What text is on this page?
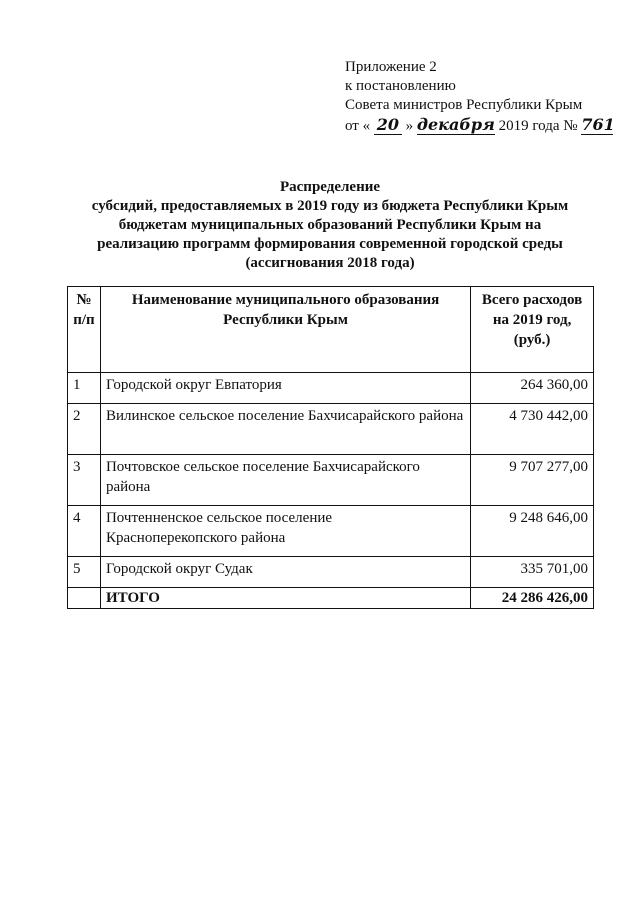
Приложение 2
к постановлению
Совета министров Республики Крым
от « 20 » декабря 2019 года № 761
Распределение
субсидий, предоставляемых в 2019 году из бюджета Республики Крым
бюджетам муниципальных образований Республики Крым на
реализацию программ формирования современной городской среды
(ассигнования 2018 года)
№ п/п	Наименование муниципального образования Республики Крым	Всего расходов на 2019 год, (руб.)
1	Городской округ Евпатория	264 360,00
2	Вилинское сельское поселение Бахчисарайского района	4 730 442,00
3	Почтовское сельское поселение Бахчисарайского района	9 707 277,00
4	Почтенненское сельское поселение Красноперекопского района	9 248 646,00
5	Городской округ Судак	335 701,00
	ИТОГО	24 286 426,00
